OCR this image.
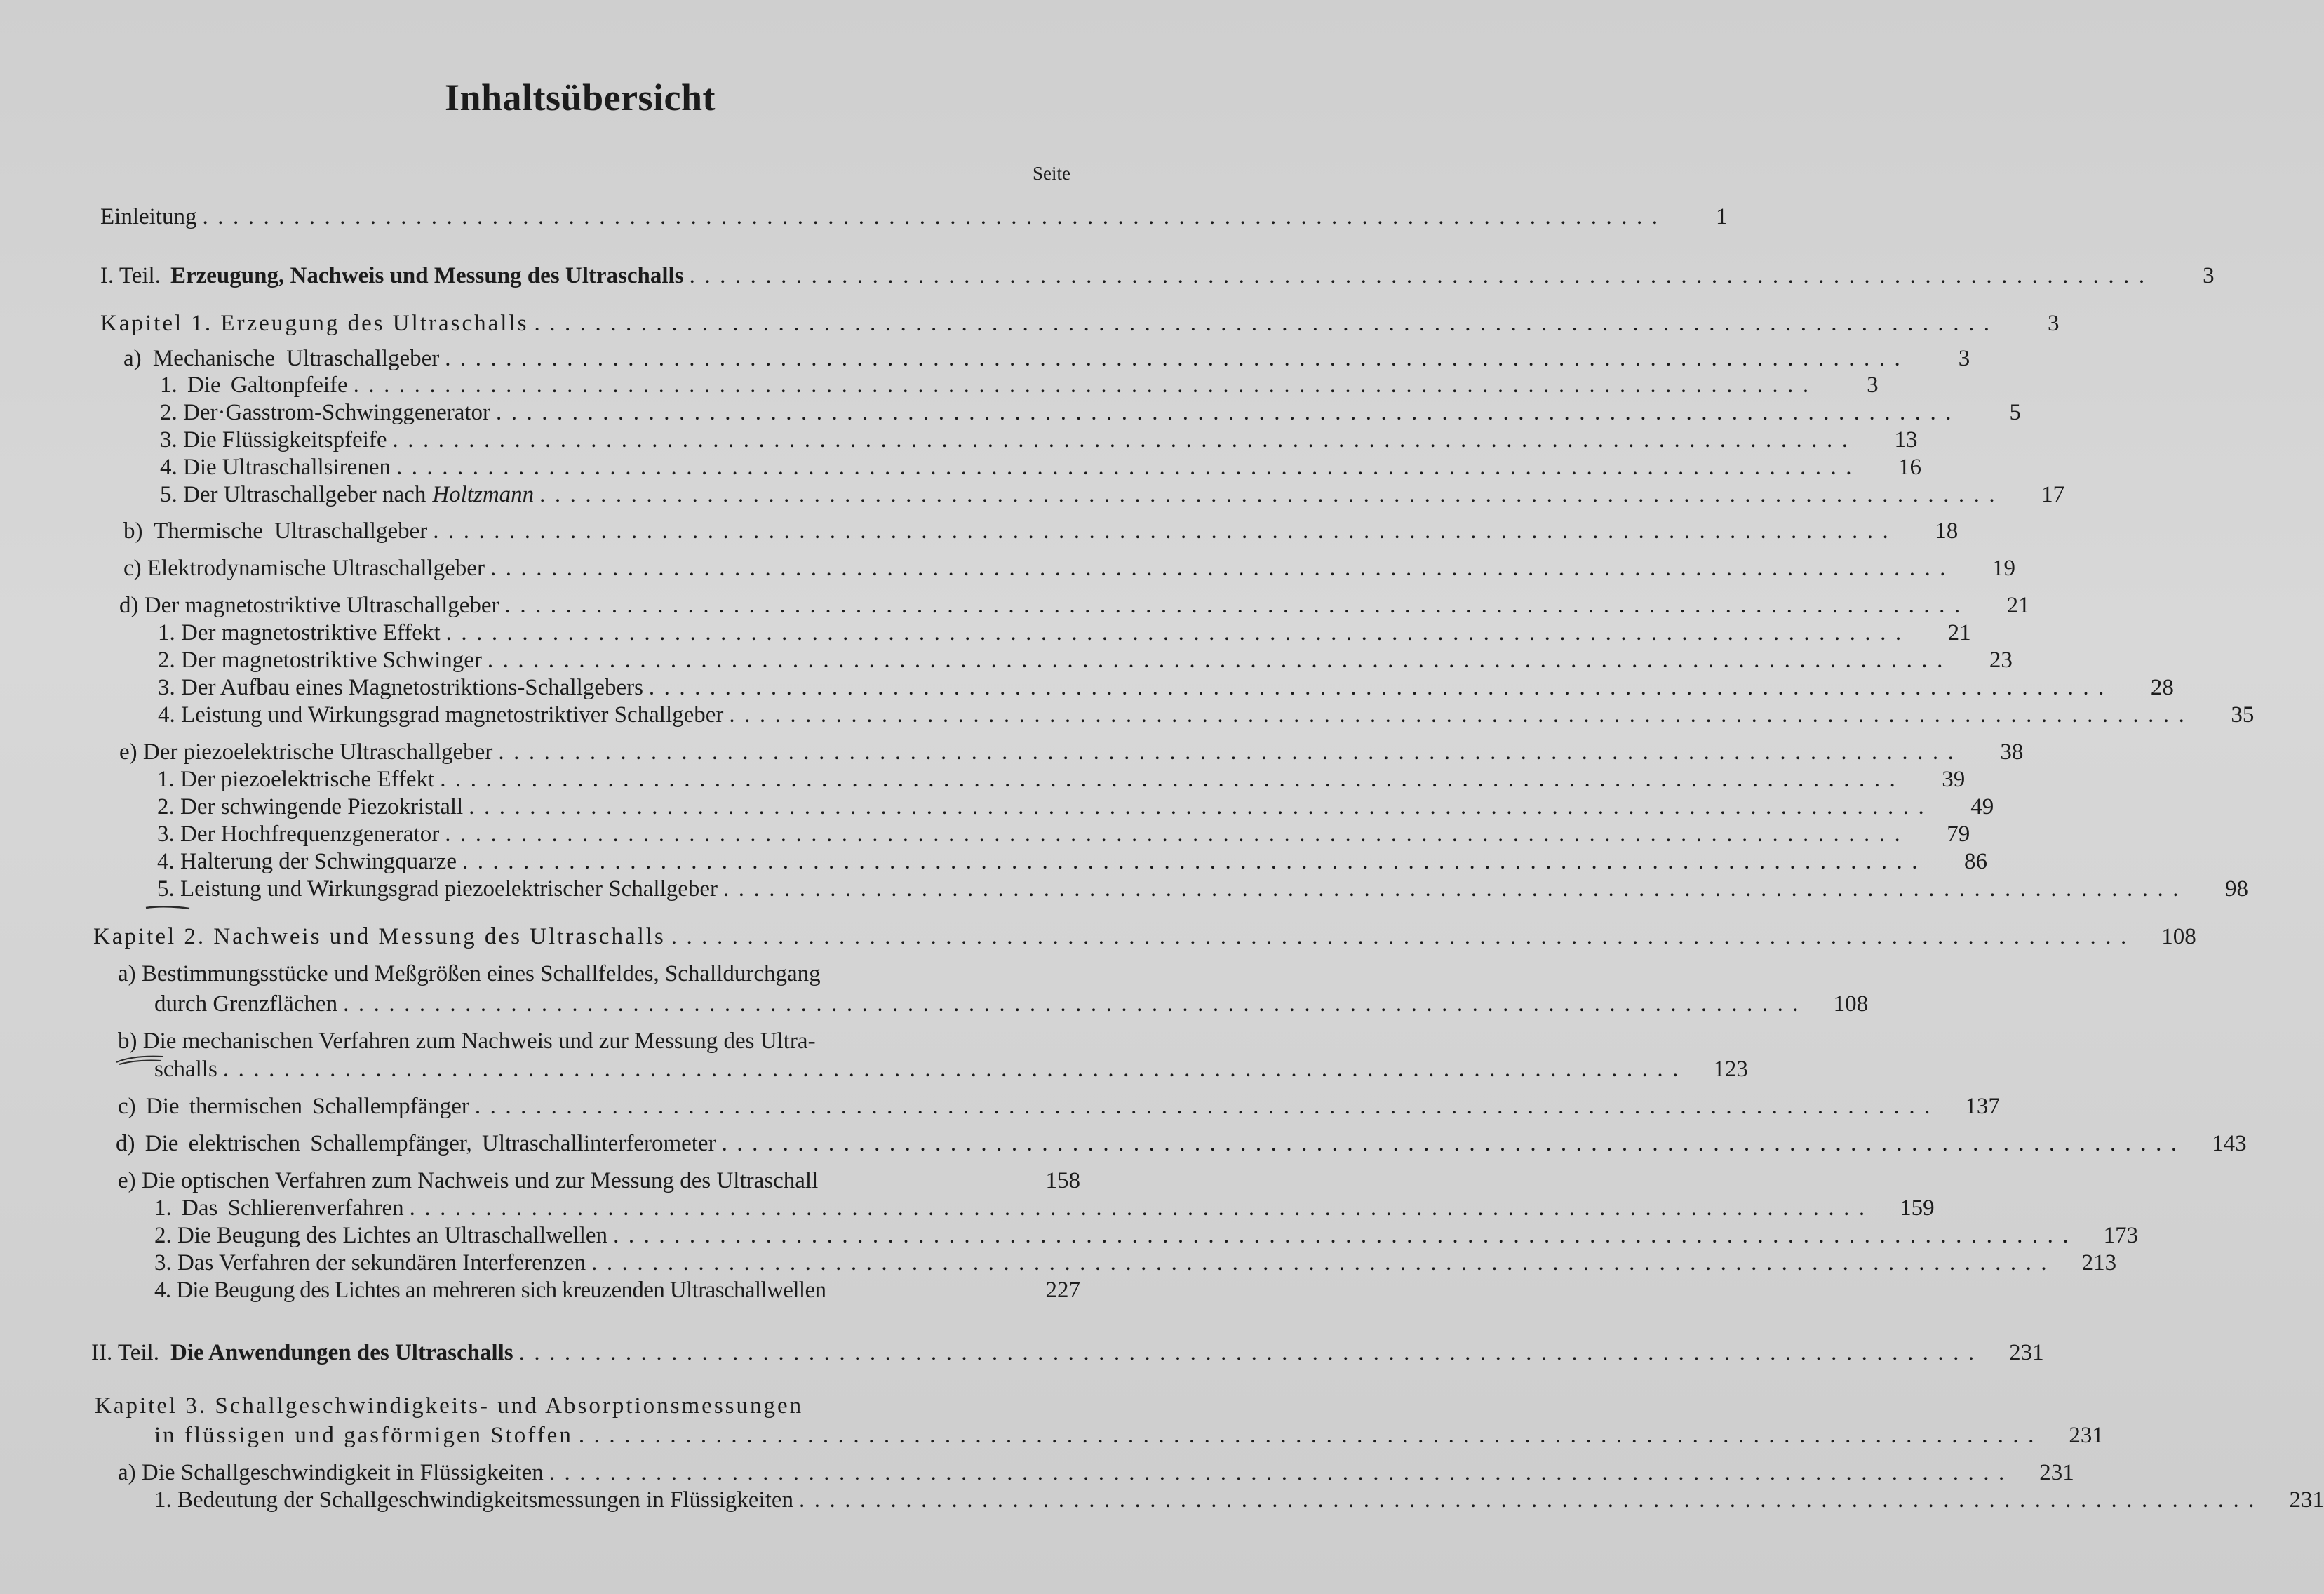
Inhaltsübersicht
Seite
Einleitung ................................................................................................	1
I. Teil. Erzeugung, Nachweis und Messung des Ultraschalls ................................................................................................	3
Kapitel 1. Erzeugung des Ultraschalls ................................................................................................	3
a) Mechanische Ultraschallgeber ................................................................................................	3
1. Die Galtonpfeife ................................................................................................	3
2. Der·Gasstrom-Schwinggenerator ................................................................................................	5
3. Die Flüssigkeitspfeife ................................................................................................	13
4. Die Ultraschallsirenen ................................................................................................	16
5. Der Ultraschallgeber nach Holtzmann ................................................................................................	17
b) Thermische Ultraschallgeber ................................................................................................	18
c) Elektrodynamische Ultraschallgeber ................................................................................................	19
d) Der magnetostriktive Ultraschallgeber ................................................................................................	21
1. Der magnetostriktive Effekt ................................................................................................	21
2. Der magnetostriktive Schwinger ................................................................................................	23
3. Der Aufbau eines Magnetostriktions-Schallgebers ................................................................................................	28
4. Leistung und Wirkungsgrad magnetostriktiver Schallgeber ................................................................................................	35
e) Der piezoelektrische Ultraschallgeber ................................................................................................	38
1. Der piezoelektrische Effekt ................................................................................................	39
2. Der schwingende Piezokristall ................................................................................................	49
3. Der Hochfrequenzgenerator ................................................................................................	79
4. Halterung der Schwingquarze ................................................................................................	86
5. Leistung und Wirkungsgrad piezoelektrischer Schallgeber ................................................................................................	98
Kapitel 2. Nachweis und Messung des Ultraschalls ................................................................................................	108
a) Bestimmungsstücke und Meßgrößen eines Schallfeldes, Schalldurchgang
durch Grenzflächen ................................................................................................	108
b) Die mechanischen Verfahren zum Nachweis und zur Messung des Ultra-
schalls ................................................................................................	123
c) Die thermischen Schallempfänger ................................................................................................	137
d) Die elektrischen Schallempfänger, Ultraschallinterferometer ................................................................................................	143
e) Die optischen Verfahren zum Nachweis und zur Messung des Ultraschall	158
1. Das Schlierenverfahren ................................................................................................	159
2. Die Beugung des Lichtes an Ultraschallwellen ................................................................................................	173
3. Das Verfahren der sekundären Interferenzen ................................................................................................	213
4. Die Beugung des Lichtes an mehreren sich kreuzenden Ultraschallwellen	227
II. Teil. Die Anwendungen des Ultraschalls ................................................................................................	231
Kapitel 3. Schallgeschwindigkeits- und Absorptionsmessungen
in flüssigen und gasförmigen Stoffen ................................................................................................	231
a) Die Schallgeschwindigkeit in Flüssigkeiten ................................................................................................	231
1. Bedeutung der Schallgeschwindigkeitsmessungen in Flüssigkeiten ................................................................................................	231
